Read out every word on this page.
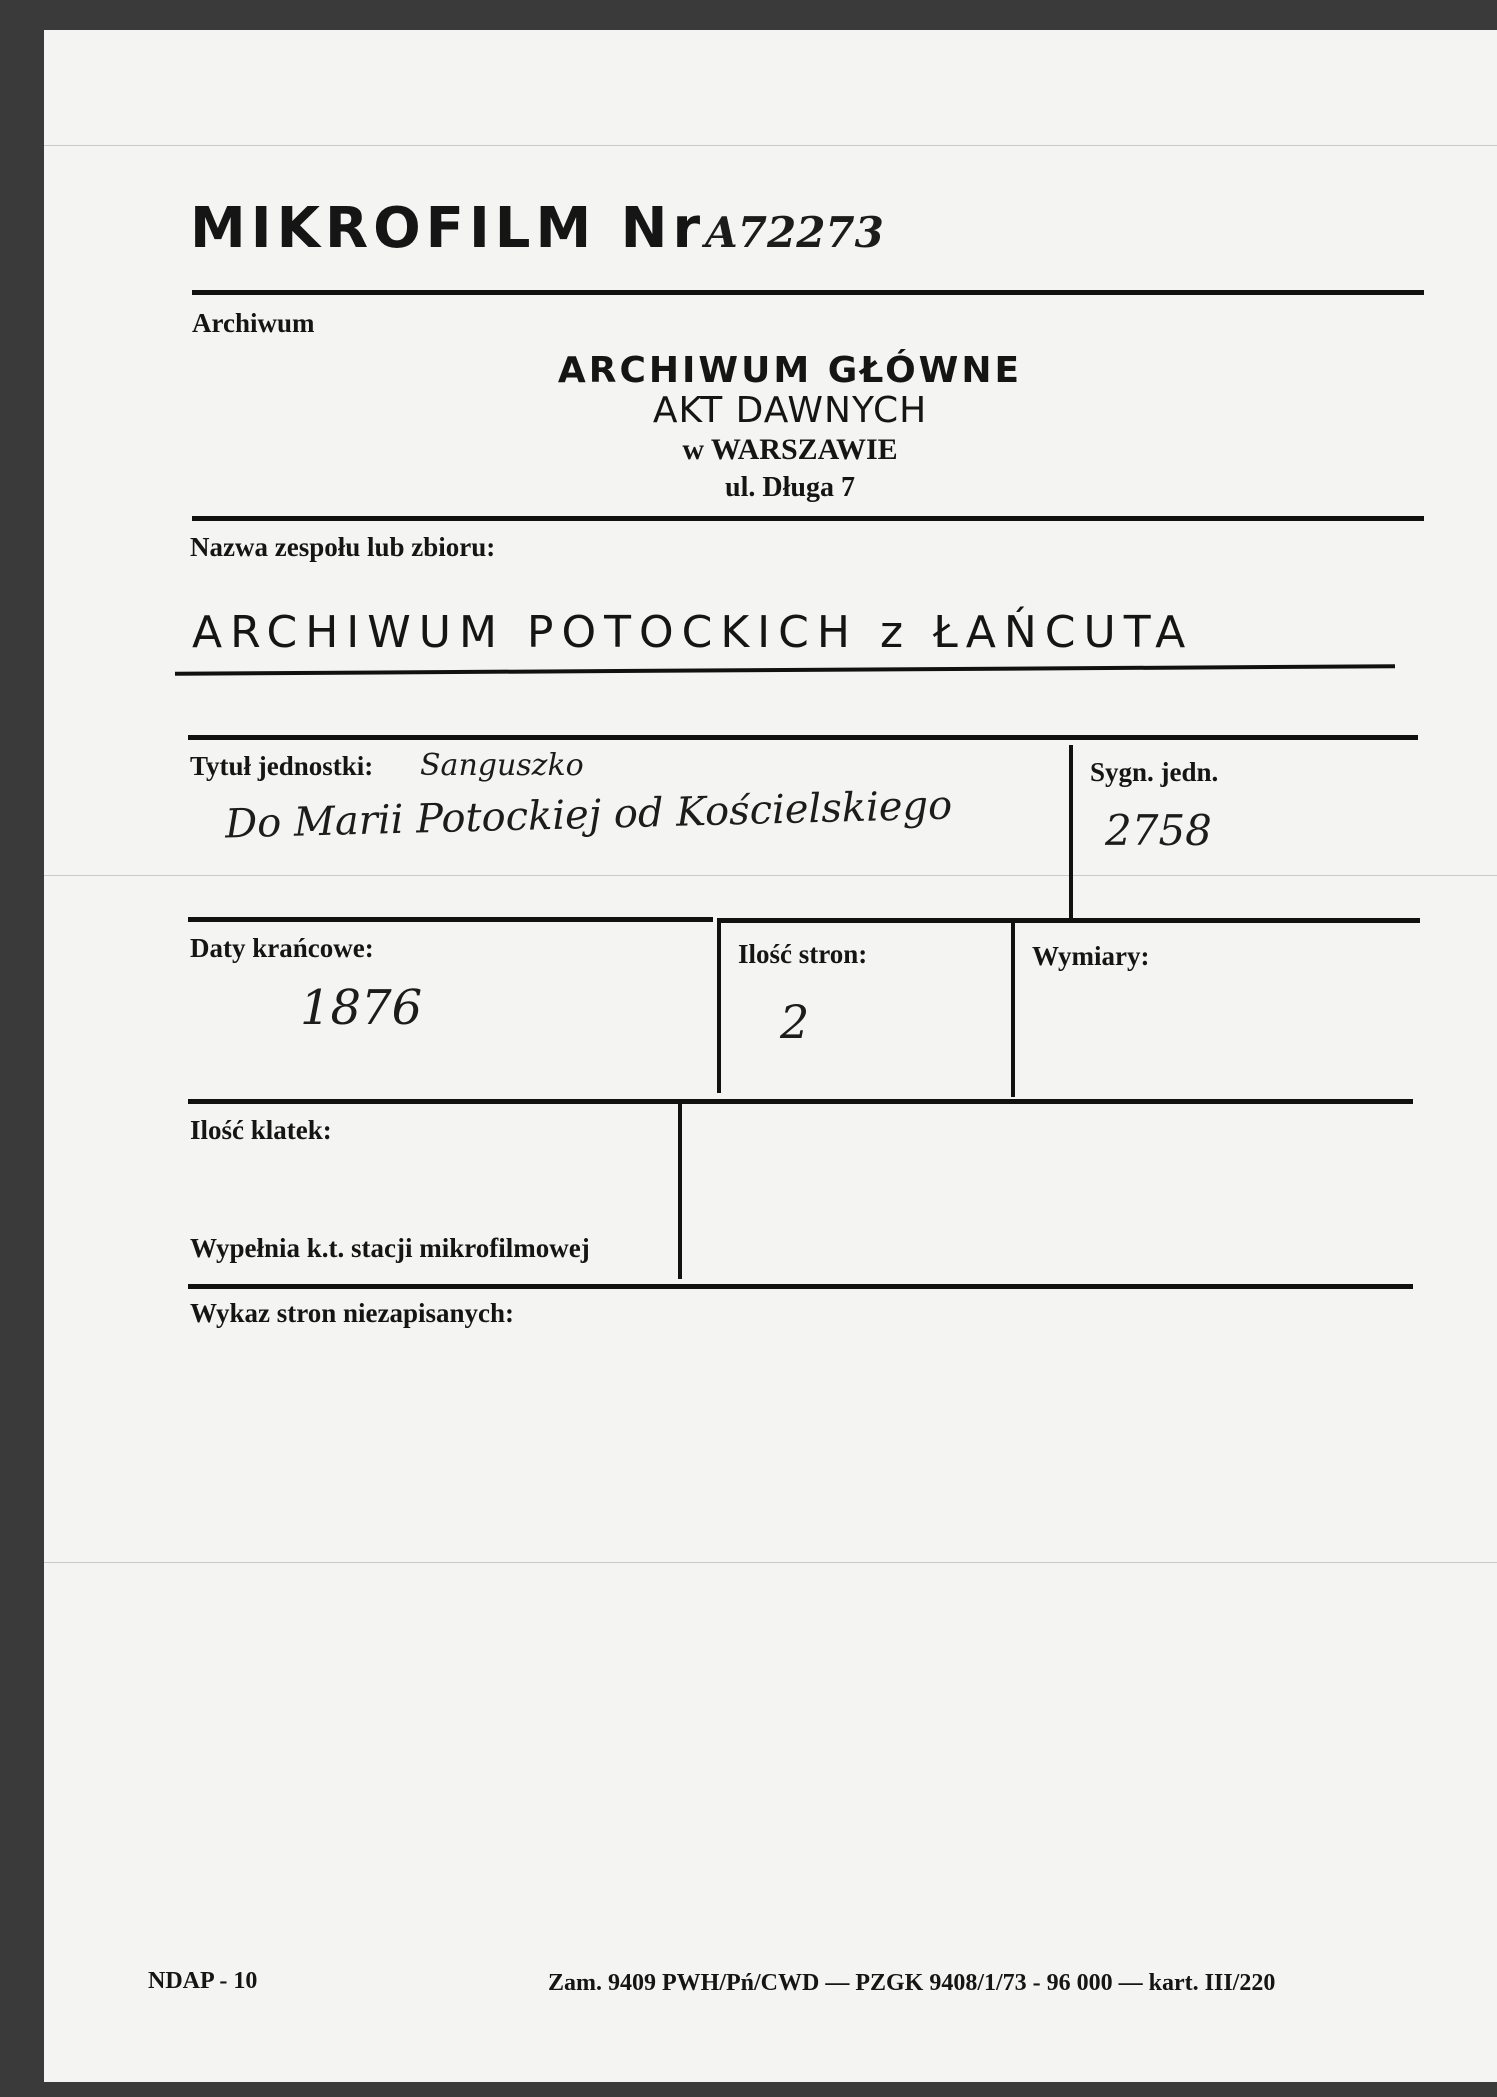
MIKROFILM NrA72273
Archiwum
ARCHIWUM GŁÓWNE
AKT DAWNYCH
w WARSZAWIE
ul. Długa 7
Nazwa zespołu lub zbioru:
ARCHIWUM POTOCKICH z ŁAŃCUTA
Tytuł jednostki: Sanguszko
Do Marii Potockiej od Kościelskiego
Sygn. jedn.
2758
Daty krańcowe:
1876
Ilość stron:
2
Wymiary:
Ilość klatek:
Wypełnia k.t. stacji mikrofilmowej
Wykaz stron niezapisanych:
NDAP - 10	Zam. 9409 PWH/Pń/CWD — PZGK 9408/1/73 - 96 000 — kart. III/220
